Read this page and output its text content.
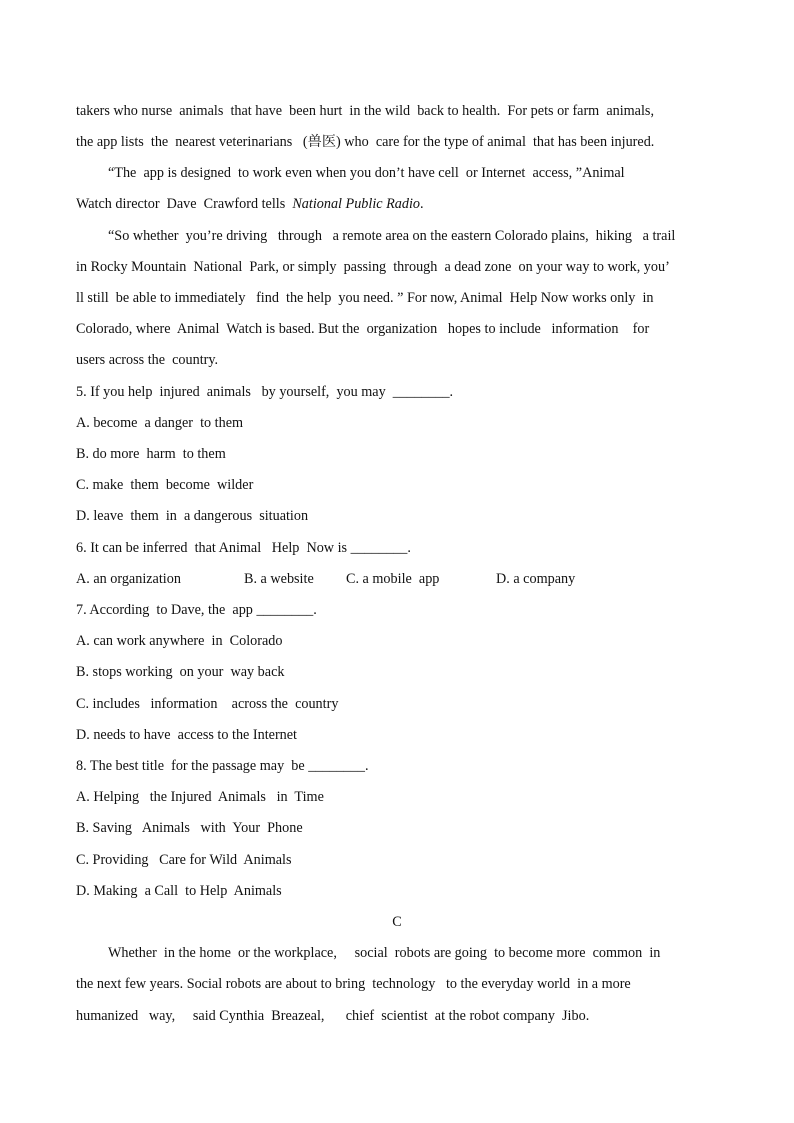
takers who nurse  animals  that have  been hurt  in the wild  back to health.  For pets or farm  animals,
the app lists  the  nearest veterinarians   (兽医) who  care for the type of animal  that has been injured.
“The  app is designed  to work even when you don’t have cell  or Internet  access, ”Animal
Watch director  Dave  Crawford tells  National Public Radio.
“So whether  you’re driving   through   a remote area on the eastern Colorado plains,  hiking   a trail
in Rocky Mountain  National  Park, or simply  passing  through  a dead zone  on your way to work, you’
ll still  be able to immediately   find  the help  you need. ” For now, Animal  Help Now works only  in
Colorado, where  Animal  Watch is based. But the  organization   hopes to include   information    for
users across the  country.
5. If you help  injured  animals   by yourself,  you may  ________.
A. become  a danger  to them
B. do more  harm  to them
C. make  them  become  wilder
D. leave  them  in  a dangerous  situation
6. It can be inferred  that Animal   Help  Now is ________.
A. an organization	B. a website C. a mobile  app	D. a company
7. According  to Dave, the  app ________.
A. can work anywhere  in  Colorado
B. stops working  on your  way back
C. includes   information    across the  country
D. needs to have  access to the Internet
8. The best title  for the passage may  be ________.
A. Helping   the Injured  Animals   in  Time
B. Saving   Animals   with  Your  Phone
C. Providing   Care for Wild  Animals
D. Making  a Call  to Help  Animals
C
Whether  in the home  or the workplace,     social  robots are going  to become more  common  in
the next few years. Social robots are about to bring  technology   to the everyday world  in a more
humanized   way,     said Cynthia  Breazeal,      chief  scientist  at the robot company  Jibo.
